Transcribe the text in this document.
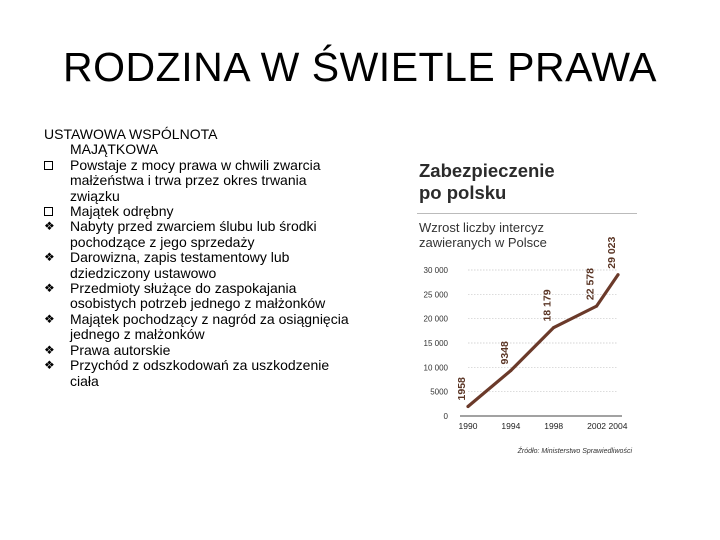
RODZINA W ŚWIETLE PRAWA
USTAWOWA WSPÓLNOTA
MAJĄTKOWA
Powstaje z mocy prawa w chwili zwarcia małżeństwa i trwa przez okres trwania związku
Majątek odrębny
❖ Nabyty przed zwarciem ślubu lub środki pochodzące z jego sprzedaży
❖ Darowizna, zapis testamentowy lub dziedziczony ustawowo
❖ Przedmioty służące do zaspokajania osobistych potrzeb jednego z małżonków
❖ Majątek pochodzący z nagród za osiągnięcia jednego z małżonków
❖ Prawa autorskie
❖ Przychód z odszkodowań za uszkodzenie ciała
Zabezpieczenie
po polsku
Wzrost liczby intercyz
zawieranych w Polsce
0
5000
10 000
15 000
20 000
25 000
30 000
1990	1994	1998	2002 2004
1958
9348
18 179
22 578
29 023
Źródło: Ministerstwo Sprawiedliwości
